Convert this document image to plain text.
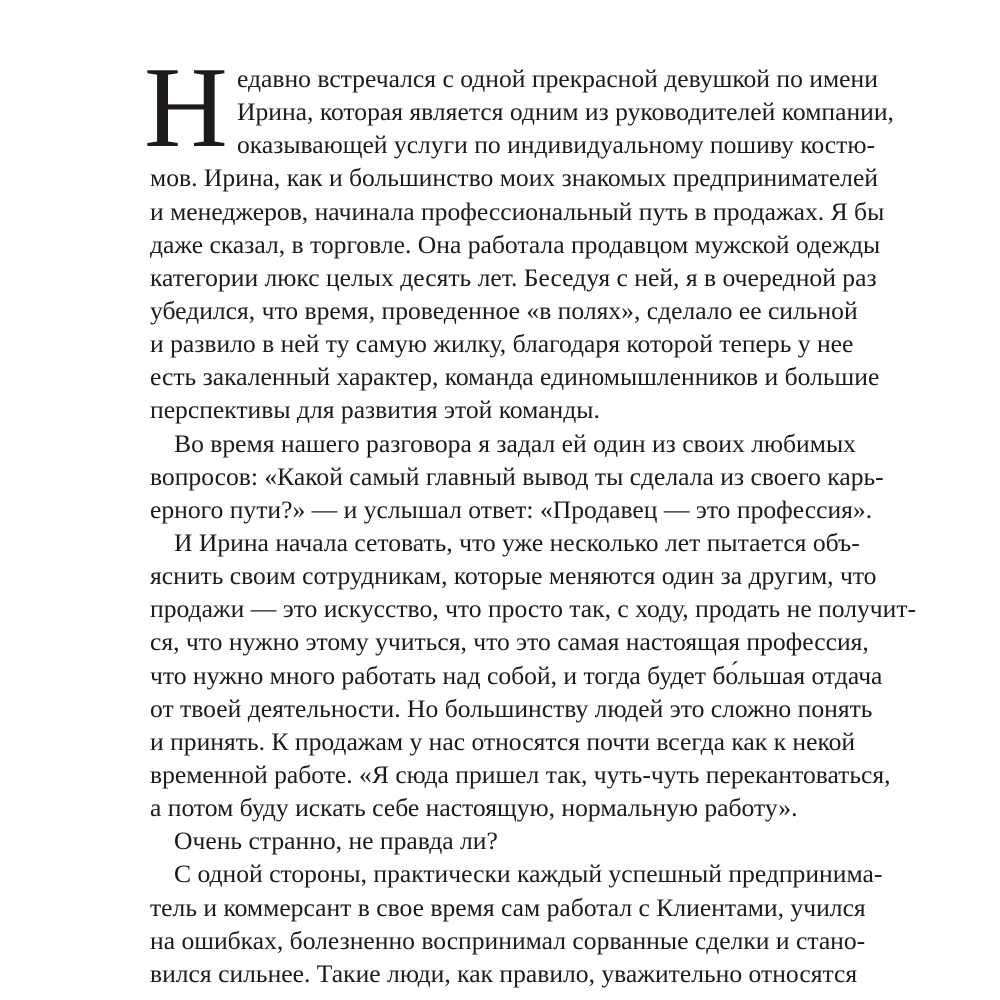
Н едавно встречался с одной прекрасной девушкой по имени
Ирина, которая является одним из руководителей компании,
оказывающей услуги по индивидуальному пошиву костю-
мов. Ирина, как и большинство моих знакомых предпринимателей
и менеджеров, начинала профессиональный путь в продажах. Я бы
даже сказал, в торговле. Она работала продавцом мужской одежды
категории люкс целых десять лет. Беседуя с ней, я в очередной раз
убедился, что время, проведенное «в полях», сделало ее сильной
и развило в ней ту самую жилку, благодаря которой теперь у нее
есть закаленный характер, команда единомышленников и большие
перспективы для развития этой команды.
Во время нашего разговора я задал ей один из своих любимых
вопросов: «Какой самый главный вывод ты сделала из своего карь-
ерного пути?» — и услышал ответ: «Продавец — это профессия».
И Ирина начала сетовать, что уже несколько лет пытается объ-
яснить своим сотрудникам, которые меняются один за другим, что
продажи — это искусство, что просто так, с ходу, продать не получит-
ся, что нужно этому учиться, что это самая настоящая профессия,
что нужно много работать над собой, и тогда будет бо́льшая отдача
от твоей деятельности. Но большинству людей это сложно понять
и принять. К продажам у нас относятся почти всегда как к некой
временной работе. «Я сюда пришел так, чуть-чуть перекантоваться,
а потом буду искать себе настоящую, нормальную работу».
Очень странно, не правда ли?
С одной стороны, практически каждый успешный предпринима-
тель и коммерсант в свое время сам работал с Клиентами, учился
на ошибках, болезненно воспринимал сорванные сделки и стано-
вился сильнее. Такие люди, как правило, уважительно относятся
